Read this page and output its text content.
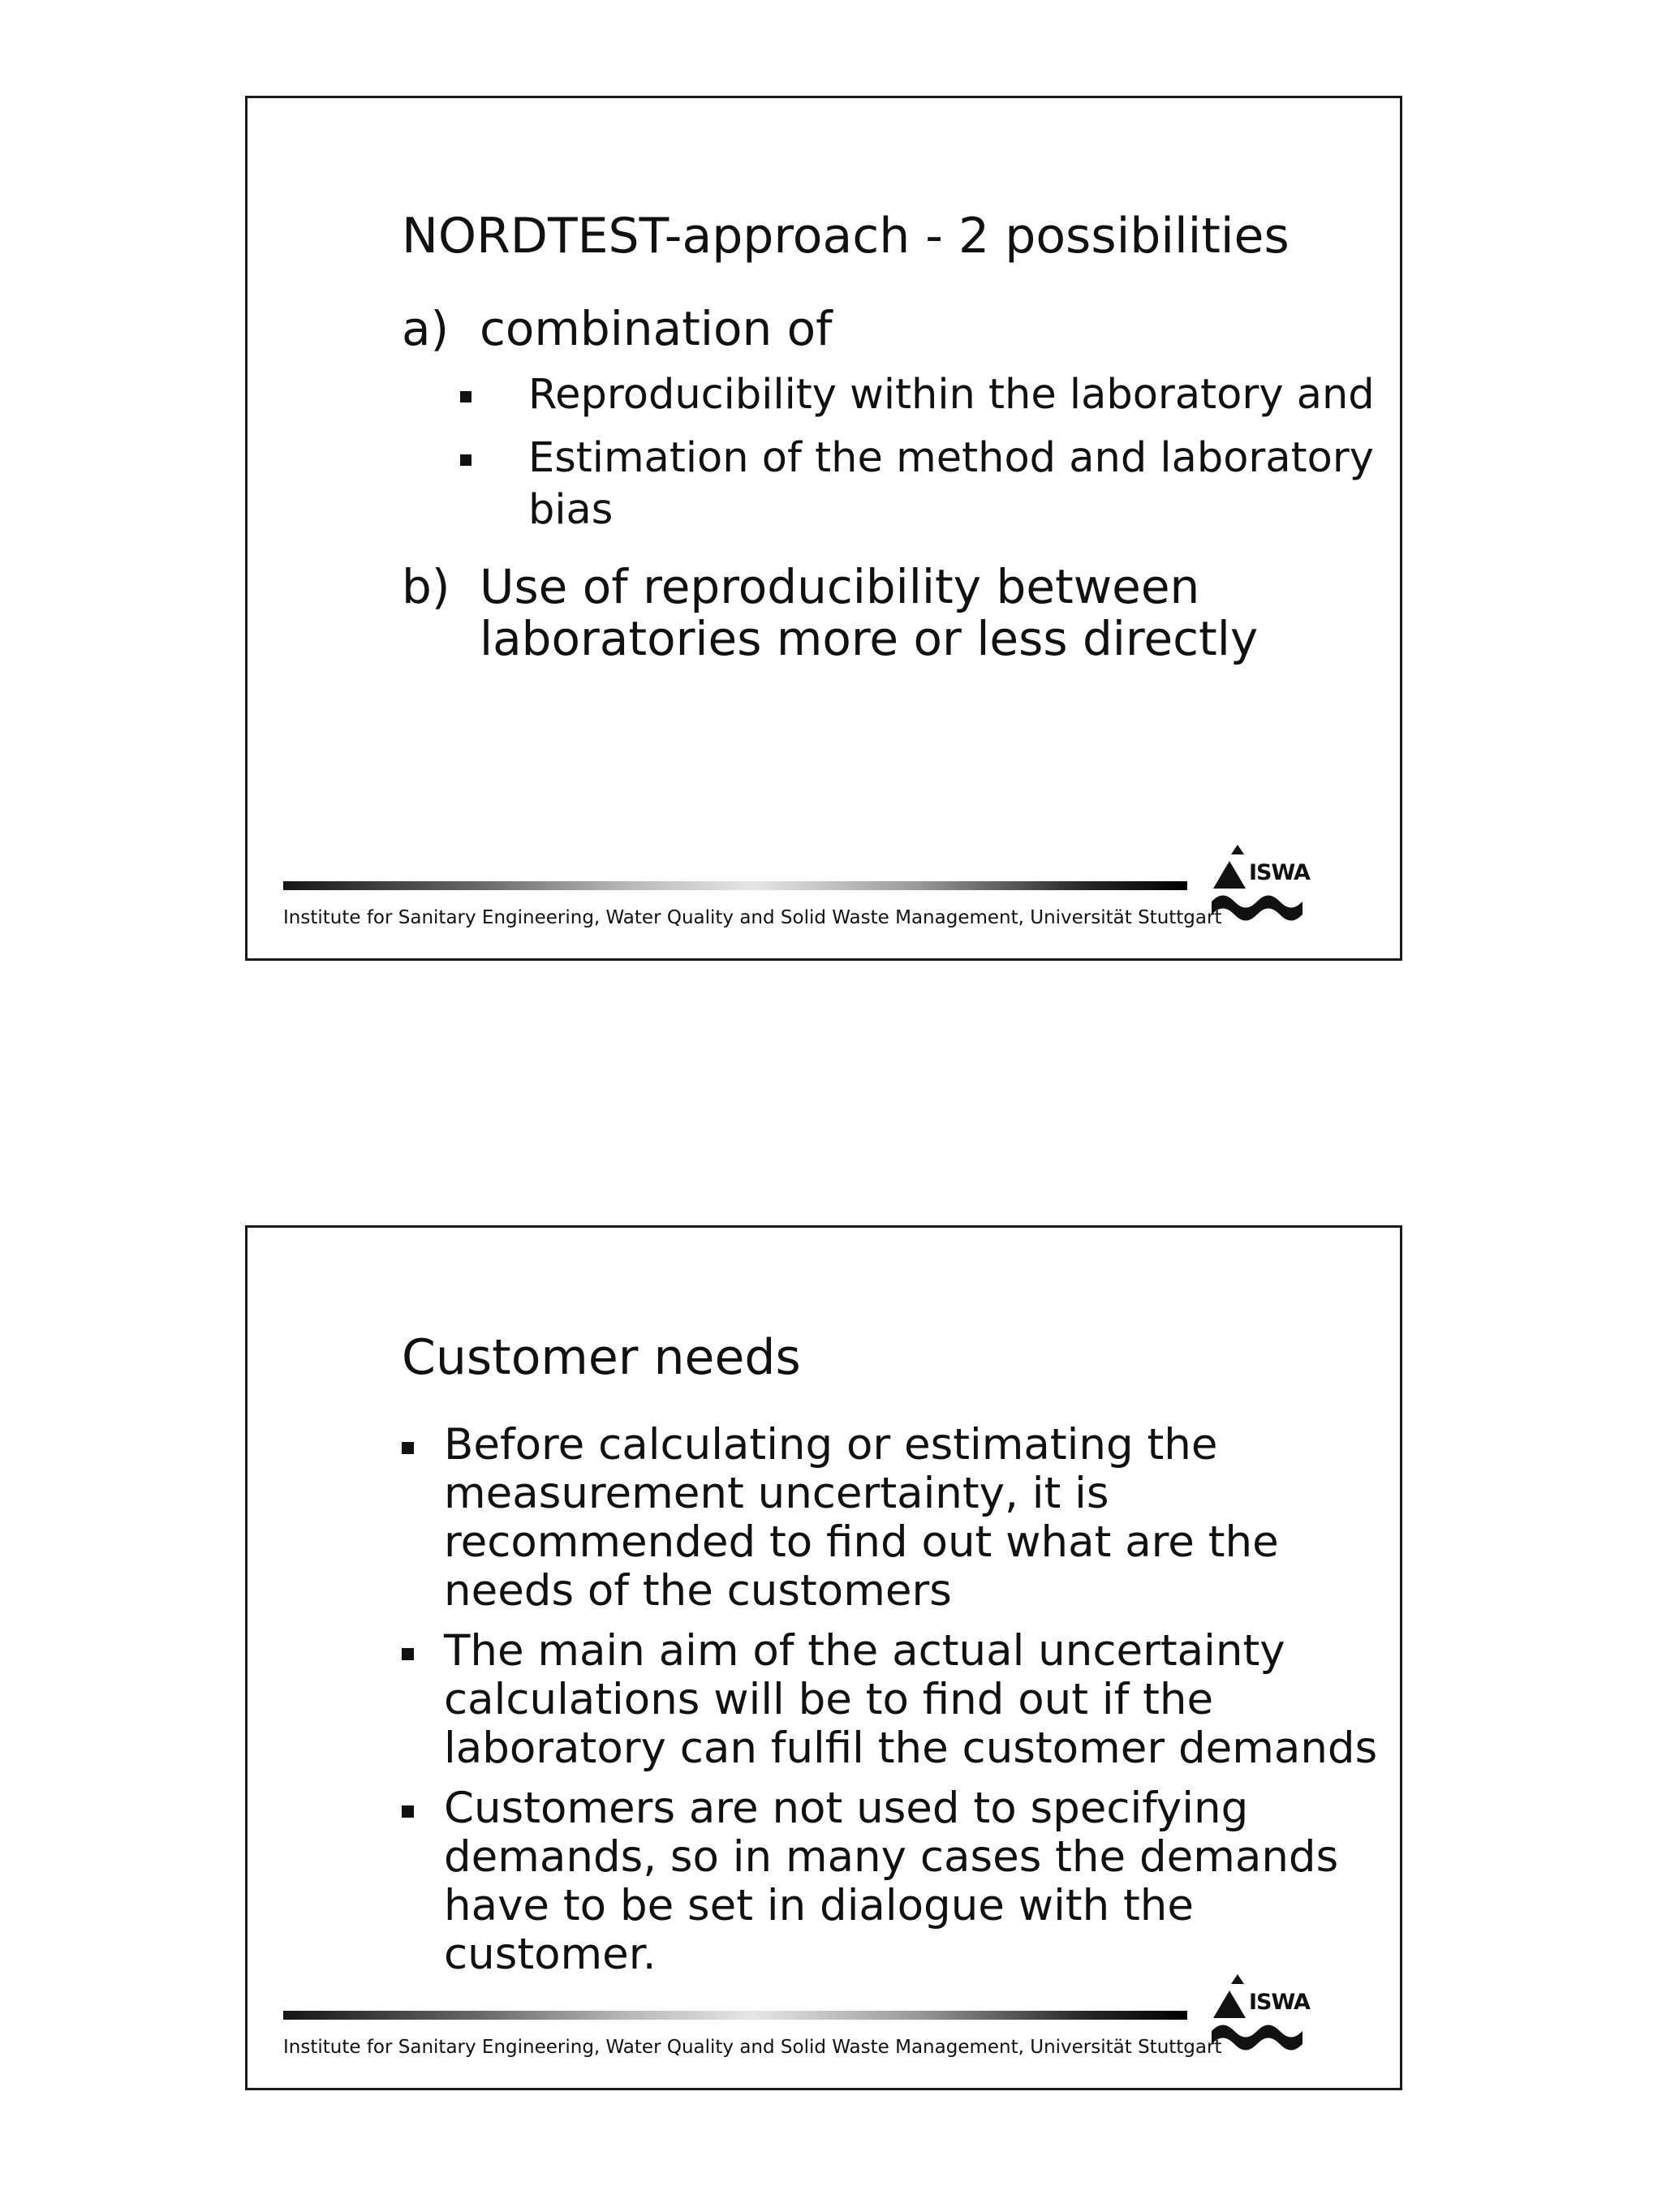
NORDTEST-approach - 2 possibilities
a) combination of
Reproducibility within the laboratory and
Estimation of the method and laboratory bias
b) Use of reproducibility between laboratories more or less directly
Institute for Sanitary Engineering, Water Quality and Solid Waste Management, Universität Stuttgart
ISWA
Customer needs
Before calculating or estimating the measurement uncertainty, it is recommended to find out what are the needs of the customers
The main aim of the actual uncertainty calculations will be to find out if the laboratory can fulfil the customer demands
Customers are not used to specifying demands, so in many cases the demands have to be set in dialogue with the customer.
Institute for Sanitary Engineering, Water Quality and Solid Waste Management, Universität Stuttgart
ISWA
